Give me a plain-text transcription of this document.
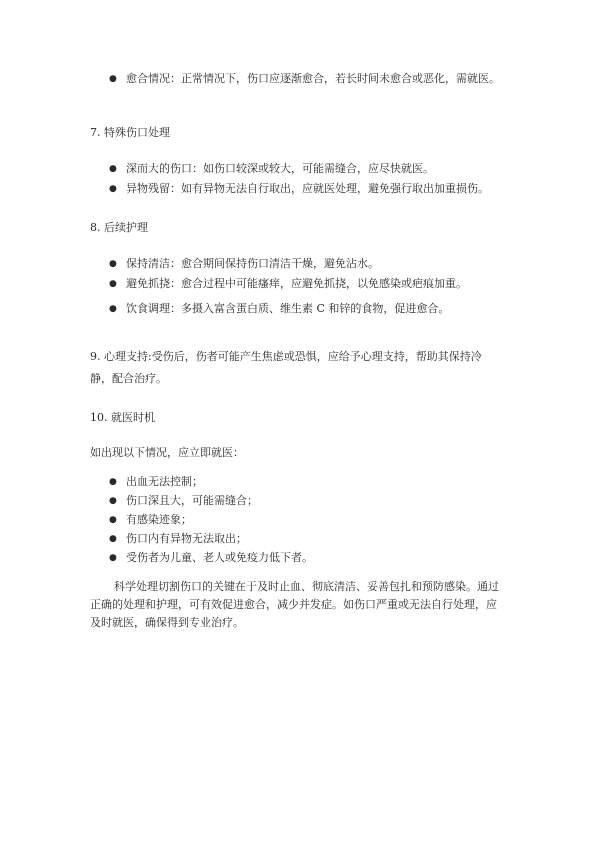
● 愈合情况：正常情况下，伤口应逐渐愈合，若长时间未愈合或恶化，需就医。
7. 特殊伤口处理
● 深而大的伤口：如伤口较深或较大，可能需缝合，应尽快就医。
● 异物残留：如有异物无法自行取出，应就医处理，避免强行取出加重损伤。
8. 后续护理
● 保持清洁：愈合期间保持伤口清洁干燥，避免沾水。
● 避免抓挠：愈合过程中可能瘙痒，应避免抓挠，以免感染或疤痕加重。
● 饮食调理：多摄入富含蛋白质、维生素 C 和锌的食物，促进愈合。
9. 心理支持:受伤后，伤者可能产生焦虑或恐惧，应给予心理支持，帮助其保持冷静，配合治疗。
10. 就医时机
如出现以下情况，应立即就医：
● 出血无法控制；
● 伤口深且大，可能需缝合；
● 有感染迹象；
● 伤口内有异物无法取出；
● 受伤者为儿童、老人或免疫力低下者。
科学处理切割伤口的关键在于及时止血、彻底清洁、妥善包扎和预防感染。通过正确的处理和护理，可有效促进愈合，减少并发症。如伤口严重或无法自行处理，应及时就医，确保得到专业治疗。
